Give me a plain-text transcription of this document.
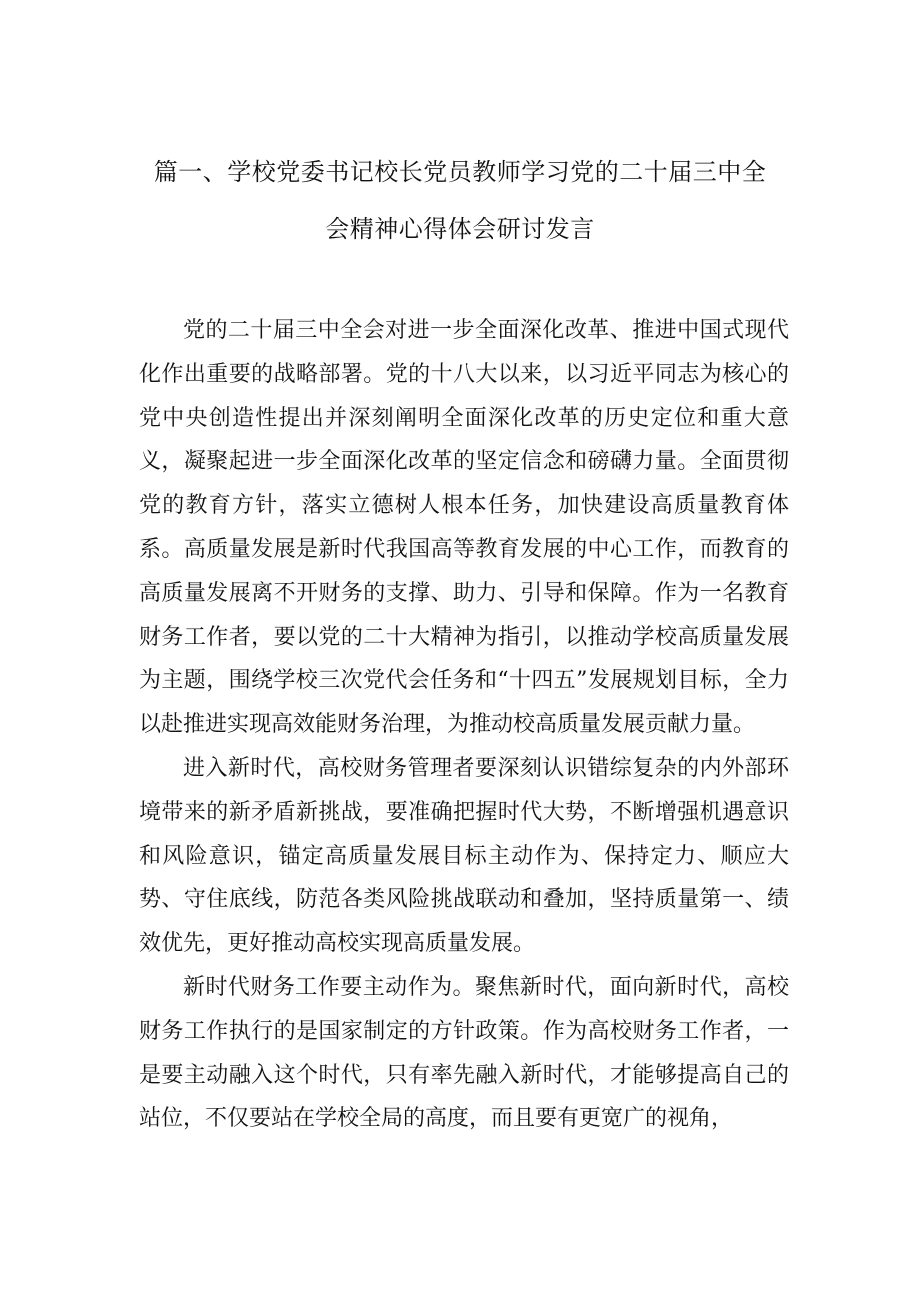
篇一、学校党委书记校长党员教师学习党的二十届三中全
会精神心得体会研讨发言

党的二十届三中全会对进一步全面深化改革、推进中国式现代化作出重要的战略部署。党的十八大以来，以习近平同志为核心的党中央创造性提出并深刻阐明全面深化改革的历史定位和重大意义，凝聚起进一步全面深化改革的坚定信念和磅礴力量。全面贯彻党的教育方针，落实立德树人根本任务，加快建设高质量教育体系。高质量发展是新时代我国高等教育发展的中心工作，而教育的高质量发展离不开财务的支撑、助力、引导和保障。作为一名教育财务工作者，要以党的二十大精神为指引，以推动学校高质量发展为主题，围绕学校三次党代会任务和“十四五”发展规划目标，全力以赴推进实现高效能财务治理，为推动校高质量发展贡献力量。

进入新时代，高校财务管理者要深刻认识错综复杂的内外部环境带来的新矛盾新挑战，要准确把握时代大势，不断增强机遇意识和风险意识，锚定高质量发展目标主动作为、保持定力、顺应大势、守住底线，防范各类风险挑战联动和叠加，坚持质量第一、绩效优先，更好推动高校实现高质量发展。

新时代财务工作要主动作为。聚焦新时代，面向新时代，高校财务工作执行的是国家制定的方针政策。作为高校财务工作者，一是要主动融入这个时代，只有率先融入新时代，才能够提高自己的站位，不仅要站在学校全局的高度，而且要有更宽广的视角，
